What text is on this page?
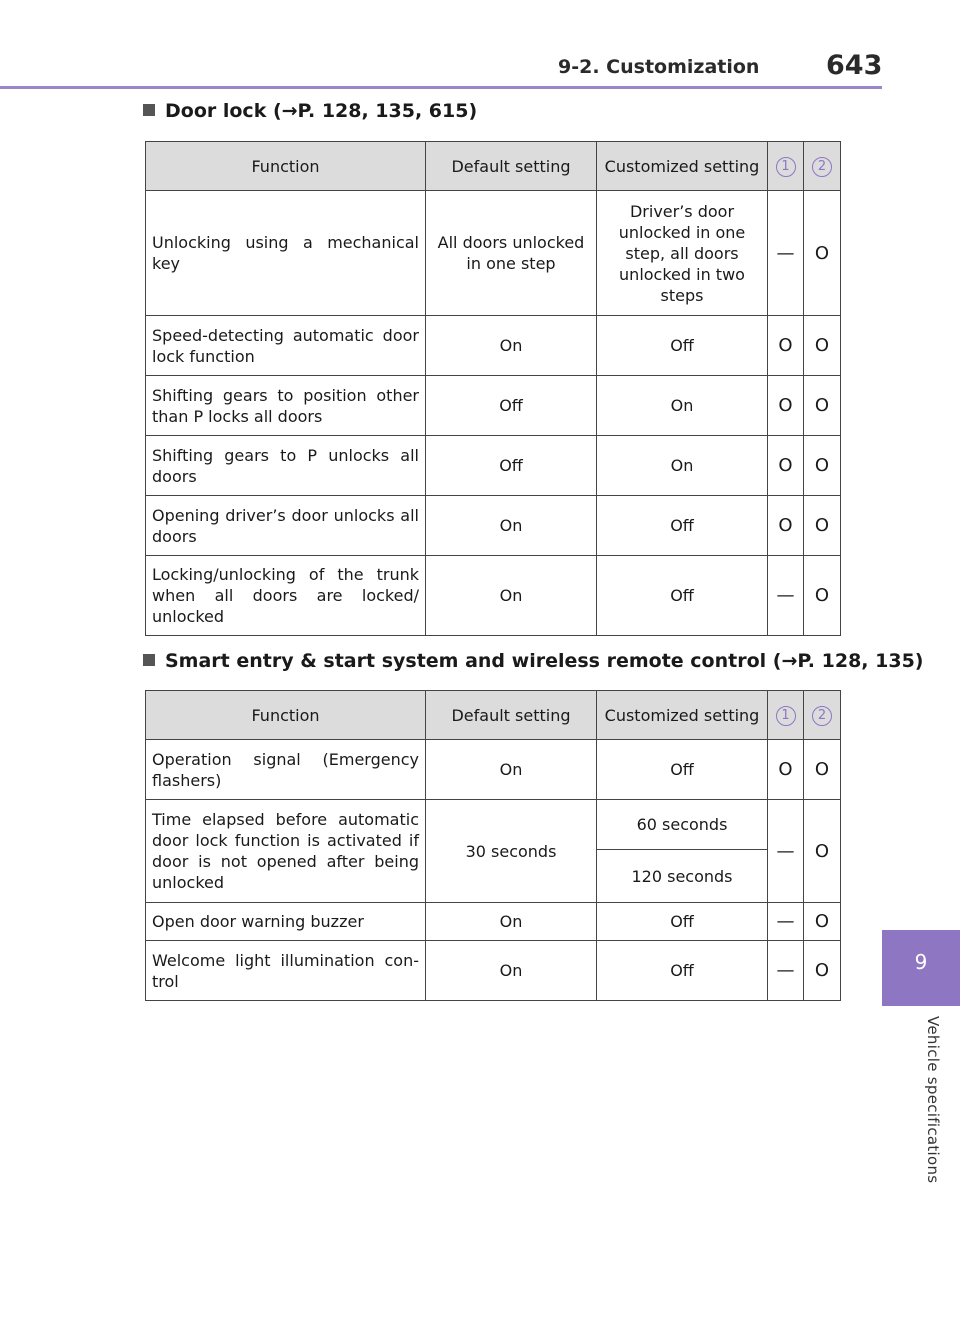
9-2. Customization 643
9
Vehicle specifications
Door lock (→P. 128, 135, 615)
Function	Default setting	Customized setting	1	2
Unlocking using a mechanical key	All doors unlocked in one step	Driver’s door unlocked in one step, all doors unlocked in two steps	—	O
Speed-detecting automatic door lock function	On	Off	O	O
Shifting gears to position other than P locks all doors	Off	On	O	O
Shifting gears to P unlocks all doors	Off	On	O	O
Opening driver’s door unlocks all doors	On	Off	O	O
Locking/unlocking of the trunk when all doors are locked/ unlocked	On	Off	—	O
Smart entry & start system and wireless remote control (→P. 128, 135)
Function	Default setting	Customized setting	1	2
Operation signal (Emergency flashers)	On	Off	O	O
Time elapsed before automatic door lock function is activated if door is not opened after being unlocked	30 seconds	60 seconds	—	O
		120 seconds		
Open door warning buzzer	On	Off	—	O
Welcome light illumination con- trol	On	Off	—	O
